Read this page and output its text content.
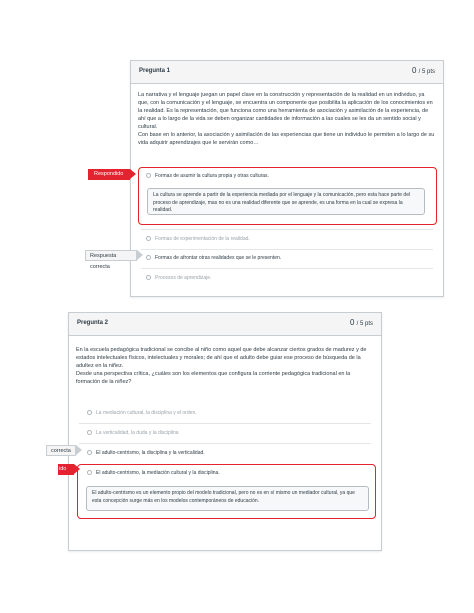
Pregunta 1	0 / 5 pts
La narrativa y el lenguaje juegan un papel clave en la construcción y representación de la realidad en un individuo, ya que, con la comunicación y el lenguaje, se encuentra un componente que posibilita la aplicación de los conocimientos en la realidad. Es la representación, que funciona como una herramienta de asociación y asimilación de la experiencia, de ahí que a lo largo de la vida se deben organizar cantidades de información a las cuales se les da un sentido social y cultural.
Con base en lo anterior, la asociación y asimilación de las experiencias que tiene un individuo le permiten a lo largo de su vida adquirir aprendizajes que le servirán como…
Formas de asumir la cultura propia y otras culturas.
La cultura se aprende a partir de la experiencia mediada por el lenguaje y la comunicación, pero esta hace parte del proceso de aprendizaje, mas no es una realidad diferente que se aprende, es una forma en la cual se expresa la realidad.
Formas de experimentación de la realidad.
Formas de afrontar otras realidades que se le presenten.
Procesos de aprendizaje.
Respondido
Respuesta correcta
Pregunta 2	0 / 5 pts
En la escuela pedagógica tradicional se concibe al niño como aquel que debe alcanzar ciertos grados de madurez y de estados intelectuales físicos, intelectuales y morales; de ahí que el adulto debe guiar ese proceso de búsqueda de la adultez en la niñez.
Desde una perspectiva crítica, ¿cuáles son los elementos que configura la corriente pedagógica tradicional en la formación de la niñez?
La mediación cultural, la disciplina y el orden.
La verticalidad, la duda y la disciplina
El adulto-centrismo, la disciplina y la verticalidad.
El adulto-centrismo, la mediación cultural y la disciplina.
El adulto-centrismo es un elemento propio del modelo tradicional, pero no es en sí mismo un mediador cultural, ya que esta concepción surge más en los modelos contemporáneos de educación.
correcta
ido
